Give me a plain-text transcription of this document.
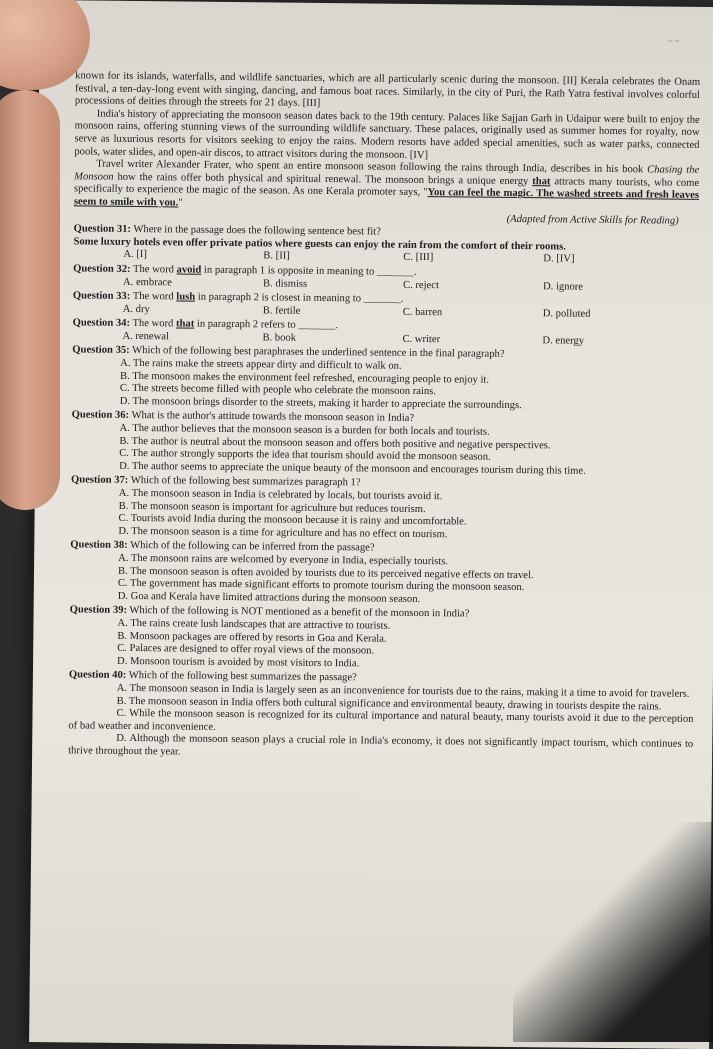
~ ~

known for its islands, waterfalls, and wildlife sanctuaries, which are all particularly scenic during the monsoon. [II] Kerala celebrates the Onam festival, a ten-day-long event with singing, dancing, and famous boat races. Similarly, in the city of Puri, the Rath Yatra festival involves colorful processions of deities through the streets for 21 days. [III]

India's history of appreciating the monsoon season dates back to the 19th century. Palaces like Sajjan Garh in Udaipur were built to enjoy the monsoon rains, offering stunning views of the surrounding wildlife sanctuary. These palaces, originally used as summer homes for royalty, now serve as luxurious resorts for visitors seeking to enjoy the rains. Modern resorts have added special amenities, such as water parks, connected pools, water slides, and open-air discos, to attract visitors during the monsoon. [IV]

Travel writer Alexander Frater, who spent an entire monsoon season following the rains through India, describes in his book Chasing the Monsoon how the rains offer both physical and spiritual renewal. The monsoon brings a unique energy that attracts many tourists, who come specifically to experience the magic of the season. As one Kerala promoter says, "You can feel the magic. The washed streets and fresh leaves seem to smile with you."

(Adapted from Active Skills for Reading)

Question 31: Where in the passage does the following sentence best fit?

Some luxury hotels even offer private patios where guests can enjoy the rain from the comfort of their rooms.

A. [I]	B. [II]	C. [III]	D. [IV]

Question 32: The word avoid in paragraph 1 is opposite in meaning to _______.

A. embrace	B. dismiss	C. reject	D. ignore

Question 33: The word lush in paragraph 2 is closest in meaning to _______.

A. dry	B. fertile	C. barren	D. polluted

Question 34: The word that in paragraph 2 refers to _______.

A. renewal	B. book	C. writer	D. energy

Question 35: Which of the following best paraphrases the underlined sentence in the final paragraph?

A. The rains make the streets appear dirty and difficult to walk on.

B. The monsoon makes the environment feel refreshed, encouraging people to enjoy it.

C. The streets become filled with people who celebrate the monsoon rains.

D. The monsoon brings disorder to the streets, making it harder to appreciate the surroundings.

Question 36: What is the author's attitude towards the monsoon season in India?

A. The author believes that the monsoon season is a burden for both locals and tourists.

B. The author is neutral about the monsoon season and offers both positive and negative perspectives.

C. The author strongly supports the idea that tourism should avoid the monsoon season.

D. The author seems to appreciate the unique beauty of the monsoon and encourages tourism during this time.

Question 37: Which of the following best summarizes paragraph 1?

A. The monsoon season in India is celebrated by locals, but tourists avoid it.

B. The monsoon season is important for agriculture but reduces tourism.

C. Tourists avoid India during the monsoon because it is rainy and uncomfortable.

D. The monsoon season is a time for agriculture and has no effect on tourism.

Question 38: Which of the following can be inferred from the passage?

A. The monsoon rains are welcomed by everyone in India, especially tourists.

B. The monsoon season is often avoided by tourists due to its perceived negative effects on travel.

C. The government has made significant efforts to promote tourism during the monsoon season.

D. Goa and Kerala have limited attractions during the monsoon season.

Question 39: Which of the following is NOT mentioned as a benefit of the monsoon in India?

A. The rains create lush landscapes that are attractive to tourists.

B. Monsoon packages are offered by resorts in Goa and Kerala.

C. Palaces are designed to offer royal views of the monsoon.

D. Monsoon tourism is avoided by most visitors to India.

Question 40: Which of the following best summarizes the passage?

A. The monsoon season in India is largely seen as an inconvenience for tourists due to the rains, making it a time to avoid for travelers.

B. The monsoon season in India offers both cultural significance and environmental beauty, drawing in tourists despite the rains.

C. While the monsoon season is recognized for its cultural importance and natural beauty, many tourists avoid it due to the perception of bad weather and inconvenience.

D. Although the monsoon season plays a crucial role in India's economy, it does not significantly impact tourism, which continues to thrive throughout the year.
